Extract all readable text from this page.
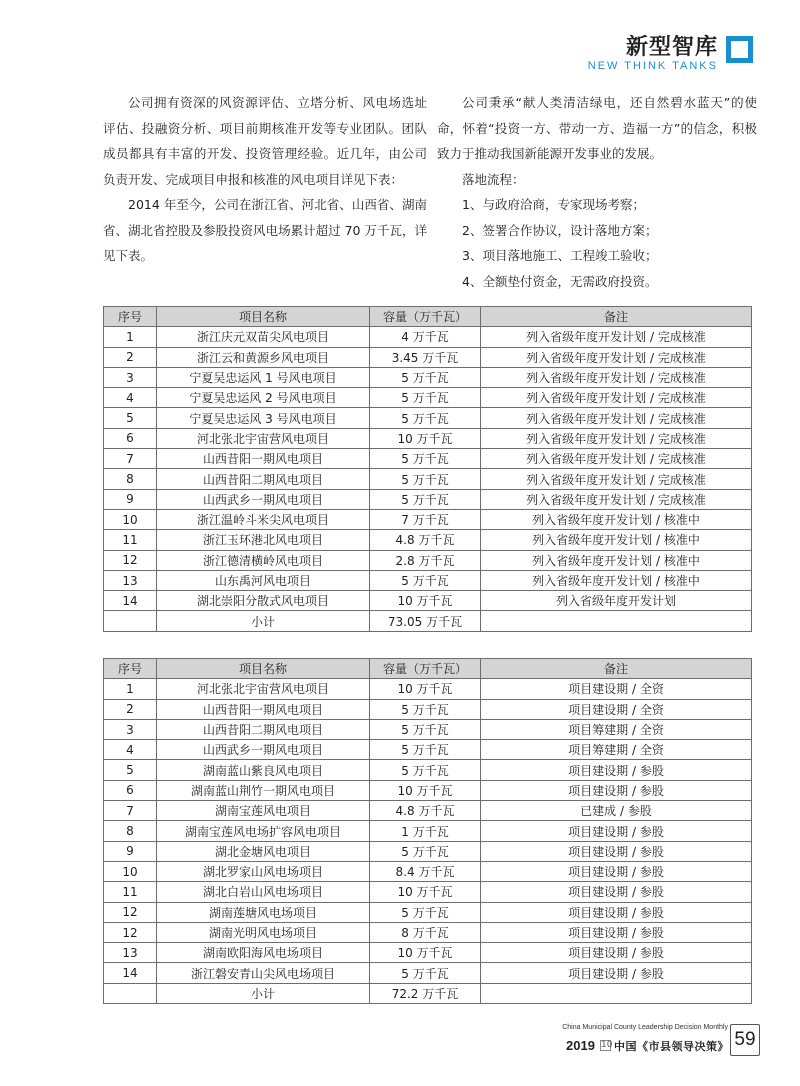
新型智库
NEW THINK TANKS

公司拥有资深的风资源评估、立塔分析、风电场选址评估、投融资分析、项目前期核准开发等专业团队。团队成员都具有丰富的开发、投资管理经验。近几年，由公司负责开发、完成项目申报和核准的风电项目详见下表：

2014 年至今，公司在浙江省、河北省、山西省、湖南省、湖北省控股及参股投资风电场累计超过 70 万千瓦，详见下表。

公司秉承“献人类清洁绿电，还自然碧水蓝天”的使命，怀着“投资一方、带动一方、造福一方”的信念，积极致力于推动我国新能源开发事业的发展。

落地流程：

1、与政府洽商，专家现场考察；

2、签署合作协议，设计落地方案；

3、项目落地施工、工程竣工验收；

4、全额垫付资金，无需政府投资。

序号	项目名称	容量（万千瓦）	备注
1	浙江庆元双苗尖风电项目	4 万千瓦	列入省级年度开发计划 / 完成核准
2	浙江云和黄源乡风电项目	3.45 万千瓦	列入省级年度开发计划 / 完成核准
3	宁夏吴忠运风 1 号风电项目	5 万千瓦	列入省级年度开发计划 / 完成核准
4	宁夏吴忠运风 2 号风电项目	5 万千瓦	列入省级年度开发计划 / 完成核准
5	宁夏吴忠运风 3 号风电项目	5 万千瓦	列入省级年度开发计划 / 完成核准
6	河北张北宇宙营风电项目	10 万千瓦	列入省级年度开发计划 / 完成核准
7	山西昔阳一期风电项目	5 万千瓦	列入省级年度开发计划 / 完成核准
8	山西昔阳二期风电项目	5 万千瓦	列入省级年度开发计划 / 完成核准
9	山西武乡一期风电项目	5 万千瓦	列入省级年度开发计划 / 完成核准
10	浙江温岭斗米尖风电项目	7 万千瓦	列入省级年度开发计划 / 核准中
11	浙江玉环港北风电项目	4.8 万千瓦	列入省级年度开发计划 / 核准中
12	浙江德清横岭风电项目	2.8 万千瓦	列入省级年度开发计划 / 核准中
13	山东禹河风电项目	5 万千瓦	列入省级年度开发计划 / 核准中
14	湖北崇阳分散式风电项目	10 万千瓦	列入省级年度开发计划
	小计	73.05 万千瓦	
序号	项目名称	容量（万千瓦）	备注
1	河北张北宇宙营风电项目	10 万千瓦	项目建设期 / 全资
2	山西昔阳一期风电项目	5 万千瓦	项目建设期 / 全资
3	山西昔阳二期风电项目	5 万千瓦	项目筹建期 / 全资
4	山西武乡一期风电项目	5 万千瓦	项目筹建期 / 全资
5	湖南蓝山紫良风电项目	5 万千瓦	项目建设期 / 参股
6	湖南蓝山荆竹一期风电项目	10 万千瓦	项目建设期 / 参股
7	湖南宝莲风电项目	4.8 万千瓦	已建成 / 参股
8	湖南宝莲风电场扩容风电项目	1 万千瓦	项目建设期 / 参股
9	湖北金塘风电项目	5 万千瓦	项目建设期 / 参股
10	湖北罗家山风电场项目	8.4 万千瓦	项目建设期 / 参股
11	湖北白岩山风电场项目	10 万千瓦	项目建设期 / 参股
12	湖南莲塘风电场项目	5 万千瓦	项目建设期 / 参股
12	湖南光明风电场项目	8 万千瓦	项目建设期 / 参股
13	湖南欧阳海风电场项目	10 万千瓦	项目建设期 / 参股
14	浙江磐安青山尖风电场项目	5 万千瓦	项目建设期 / 参股
	小计	72.2 万千瓦	
China Municipal County Leadership Decision Monthly
2019 10 中国《市县领导决策》 59
